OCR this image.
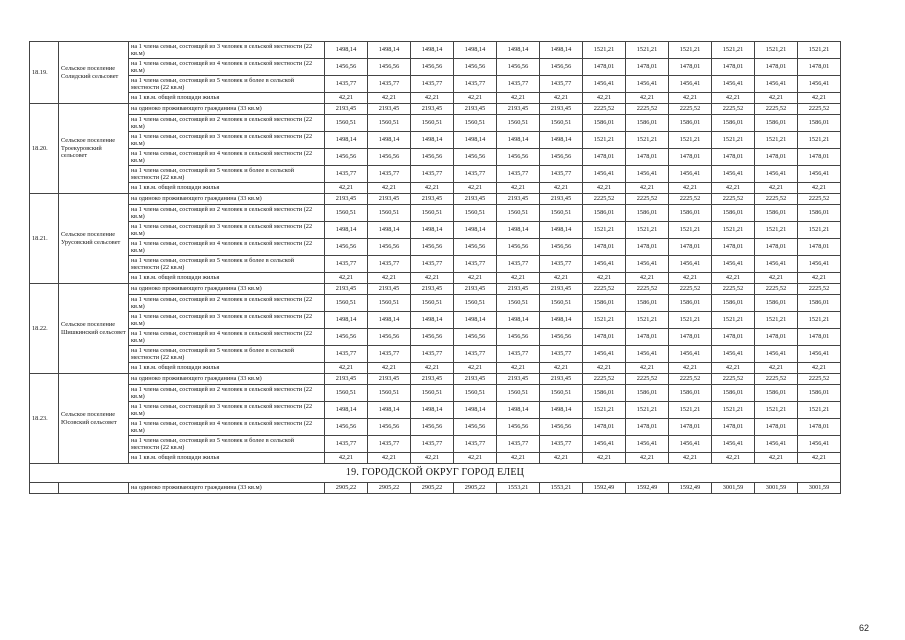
18.19.	Сельское поселение Солидский сельсовет	на 1 члена семьи, состоящей из 3 человек в сельской местности (22 кв.м)	1498,14	1498,14	1498,14	1498,14	1498,14	1498,14	1521,21	1521,21	1521,21	1521,21	1521,21	1521,21
		на 1 члена семьи, состоящей из 4 человек в сельской местности (22 кв.м)	1456,56	1456,56	1456,56	1456,56	1456,56	1456,56	1478,01	1478,01	1478,01	1478,01	1478,01	1478,01
		на 1 члена семьи, состоящей из 5 человек и более в сельской местности (22 кв.м)	1435,77	1435,77	1435,77	1435,77	1435,77	1435,77	1456,41	1456,41	1456,41	1456,41	1456,41	1456,41
		на 1 кв.м. общей площади жилья	42,21	42,21	42,21	42,21	42,21	42,21	42,21	42,21	42,21	42,21	42,21	42,21
18.20.	Сельское поселение Троекуровский сельсовет	на одиноко проживающего гражданина (33 кв.м)	2193,45	2193,45	2193,45	2193,45	2193,45	2193,45	2225,52	2225,52	2225,52	2225,52	2225,52	2225,52
		на 1 члена семьи, состоящей из 2 человек в сельской местности (22 кв.м)	1560,51	1560,51	1560,51	1560,51	1560,51	1560,51	1586,01	1586,01	1586,01	1586,01	1586,01	1586,01
		на 1 члена семьи, состоящей из 3 человек в сельской местности (22 кв.м)	1498,14	1498,14	1498,14	1498,14	1498,14	1498,14	1521,21	1521,21	1521,21	1521,21	1521,21	1521,21
		на 1 члена семьи, состоящей из 4 человек в сельской местности (22 кв.м)	1456,56	1456,56	1456,56	1456,56	1456,56	1456,56	1478,01	1478,01	1478,01	1478,01	1478,01	1478,01
		на 1 члена семьи, состоящей из 5 человек и более в сельской местности (22 кв.м)	1435,77	1435,77	1435,77	1435,77	1435,77	1435,77	1456,41	1456,41	1456,41	1456,41	1456,41	1456,41
		на 1 кв.м. общей площади жилья	42,21	42,21	42,21	42,21	42,21	42,21	42,21	42,21	42,21	42,21	42,21	42,21
18.21.	Сельское поселение Урусовский сельсовет	на одиноко проживающего гражданина (33 кв.м)	2193,45	2193,45	2193,45	2193,45	2193,45	2193,45	2225,52	2225,52	2225,52	2225,52	2225,52	2225,52
		на 1 члена семьи, состоящей из 2 человек в сельской местности (22 кв.м)	1560,51	1560,51	1560,51	1560,51	1560,51	1560,51	1586,01	1586,01	1586,01	1586,01	1586,01	1586,01
		на 1 члена семьи, состоящей из 3 человек в сельской местности (22 кв.м)	1498,14	1498,14	1498,14	1498,14	1498,14	1498,14	1521,21	1521,21	1521,21	1521,21	1521,21	1521,21
		на 1 члена семьи, состоящей из 4 человек в сельской местности (22 кв.м)	1456,56	1456,56	1456,56	1456,56	1456,56	1456,56	1478,01	1478,01	1478,01	1478,01	1478,01	1478,01
		на 1 члена семьи, состоящей из 5 человек и более в сельской местности (22 кв.м)	1435,77	1435,77	1435,77	1435,77	1435,77	1435,77	1456,41	1456,41	1456,41	1456,41	1456,41	1456,41
		на 1 кв.м. общей площади жилья	42,21	42,21	42,21	42,21	42,21	42,21	42,21	42,21	42,21	42,21	42,21	42,21
18.22.	Сельское поселение Шишкинский сельсовет	на одиноко проживающего гражданина (33 кв.м)	2193,45	2193,45	2193,45	2193,45	2193,45	2193,45	2225,52	2225,52	2225,52	2225,52	2225,52	2225,52
		на 1 члена семьи, состоящей из 2 человек в сельской местности (22 кв.м)	1560,51	1560,51	1560,51	1560,51	1560,51	1560,51	1586,01	1586,01	1586,01	1586,01	1586,01	1586,01
		на 1 члена семьи, состоящей из 3 человек в сельской местности (22 кв.м)	1498,14	1498,14	1498,14	1498,14	1498,14	1498,14	1521,21	1521,21	1521,21	1521,21	1521,21	1521,21
		на 1 члена семьи, состоящей из 4 человек в сельской местности (22 кв.м)	1456,56	1456,56	1456,56	1456,56	1456,56	1456,56	1478,01	1478,01	1478,01	1478,01	1478,01	1478,01
		на 1 члена семьи, состоящей из 5 человек и более в сельской местности (22 кв.м)	1435,77	1435,77	1435,77	1435,77	1435,77	1435,77	1456,41	1456,41	1456,41	1456,41	1456,41	1456,41
		на 1 кв.м. общей площади жилья	42,21	42,21	42,21	42,21	42,21	42,21	42,21	42,21	42,21	42,21	42,21	42,21
18.23.	Сельское поселение Юсовский сельсовет	на одиноко проживающего гражданина (33 кв.м)	2193,45	2193,45	2193,45	2193,45	2193,45	2193,45	2225,52	2225,52	2225,52	2225,52	2225,52	2225,52
		на 1 члена семьи, состоящей из 2 человек в сельской местности (22 кв.м)	1560,51	1560,51	1560,51	1560,51	1560,51	1560,51	1586,01	1586,01	1586,01	1586,01	1586,01	1586,01
		на 1 члена семьи, состоящей из 3 человек в сельской местности (22 кв.м)	1498,14	1498,14	1498,14	1498,14	1498,14	1498,14	1521,21	1521,21	1521,21	1521,21	1521,21	1521,21
		на 1 члена семьи, состоящей из 4 человек в сельской местности (22 кв.м)	1456,56	1456,56	1456,56	1456,56	1456,56	1456,56	1478,01	1478,01	1478,01	1478,01	1478,01	1478,01
		на 1 члена семьи, состоящей из 5 человек и более в сельской местности (22 кв.м)	1435,77	1435,77	1435,77	1435,77	1435,77	1435,77	1456,41	1456,41	1456,41	1456,41	1456,41	1456,41
		на 1 кв.м. общей площади жилья	42,21	42,21	42,21	42,21	42,21	42,21	42,21	42,21	42,21	42,21	42,21	42,21
19. ГОРОДСКОЙ ОКРУГ ГОРОД ЕЛЕЦ														
		на одиноко проживающего гражданина (33 кв.м)	2905,22	2905,22	2905,22	2905,22	1553,21	1553,21	1592,49	1592,49	1592,49	3001,59	3001,59	3001,59
62
